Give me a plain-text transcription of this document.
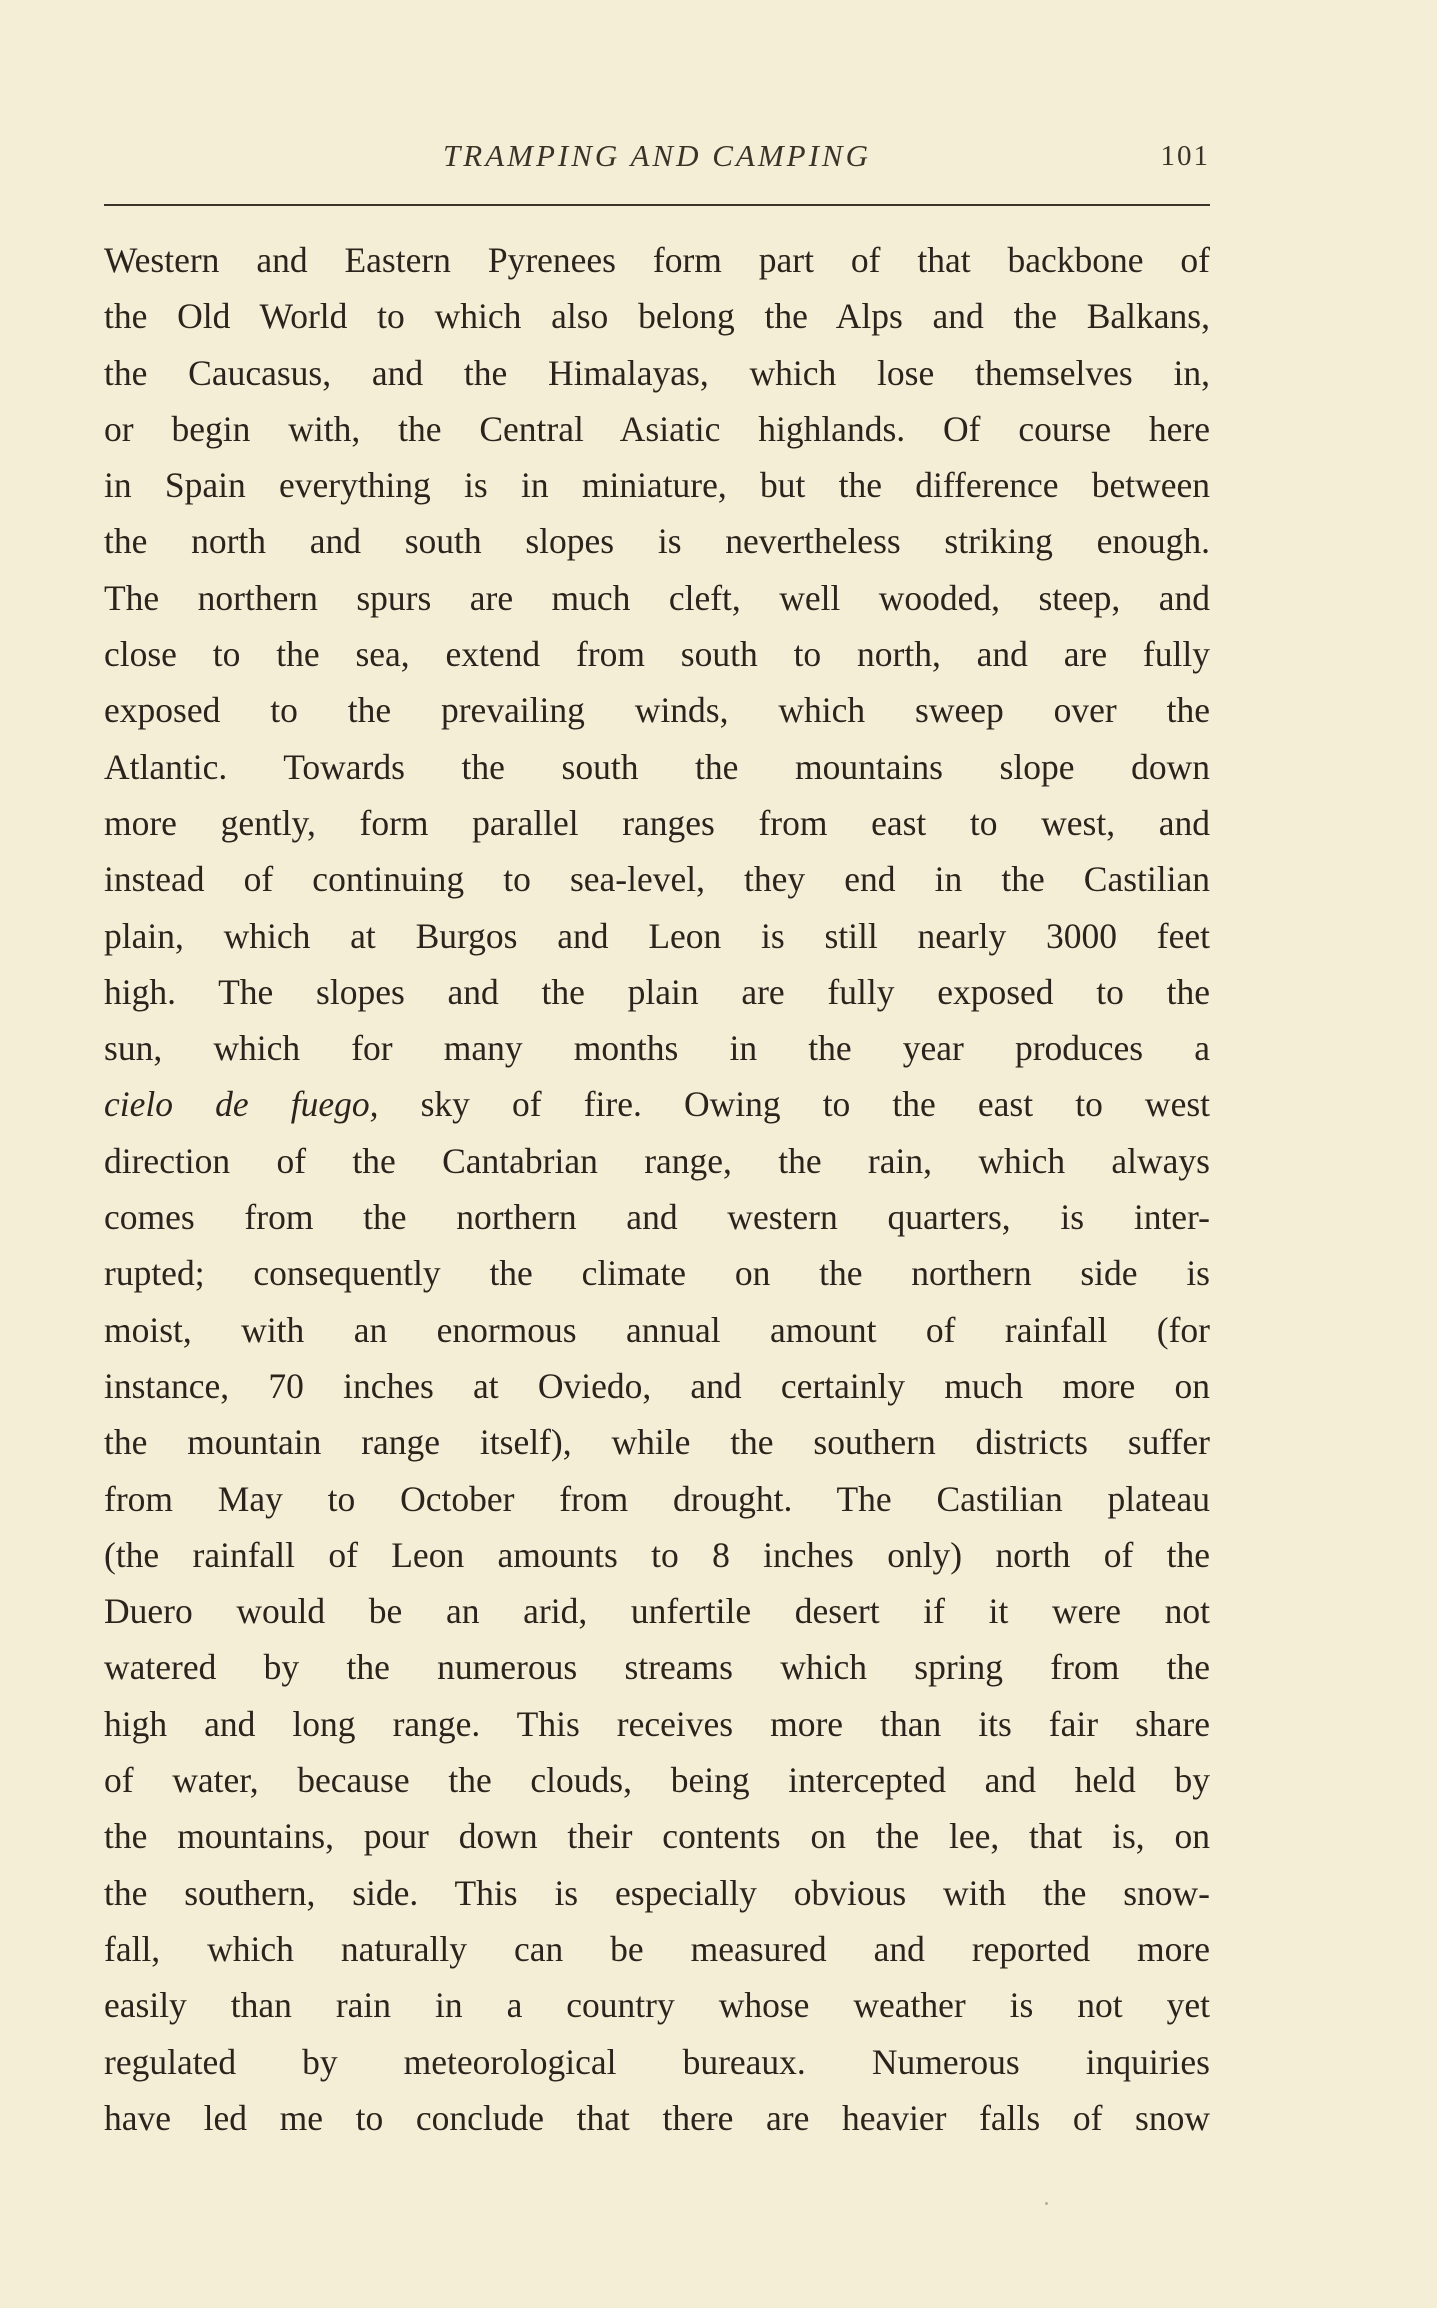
TRAMPING AND CAMPING	101
Western and Eastern Pyrenees form part of that backbone of
the Old World to which also belong the Alps and the Balkans,
the Caucasus, and the Himalayas, which lose themselves in,
or begin with, the Central Asiatic highlands. Of course here
in Spain everything is in miniature, but the difference between
the north and south slopes is nevertheless striking enough.
The northern spurs are much cleft, well wooded, steep, and
close to the sea, extend from south to north, and are fully
exposed to the prevailing winds, which sweep over the
Atlantic. Towards the south the mountains slope down
more gently, form parallel ranges from east to west, and
instead of continuing to sea-level, they end in the Castilian
plain, which at Burgos and Leon is still nearly 3000 feet
high. The slopes and the plain are fully exposed to the
sun, which for many months in the year produces a
cielo de fuego, sky of fire. Owing to the east to west
direction of the Cantabrian range, the rain, which always
comes from the northern and western quarters, is inter-
rupted; consequently the climate on the northern side is
moist, with an enormous annual amount of rainfall (for
instance, 70 inches at Oviedo, and certainly much more on
the mountain range itself), while the southern districts suffer
from May to October from drought. The Castilian plateau
(the rainfall of Leon amounts to 8 inches only) north of the
Duero would be an arid, unfertile desert if it were not
watered by the numerous streams which spring from the
high and long range. This receives more than its fair share
of water, because the clouds, being intercepted and held by
the mountains, pour down their contents on the lee, that is, on
the southern, side. This is especially obvious with the snow-
fall, which naturally can be measured and reported more
easily than rain in a country whose weather is not yet
regulated by meteorological bureaux. Numerous inquiries
have led me to conclude that there are heavier falls of snow
